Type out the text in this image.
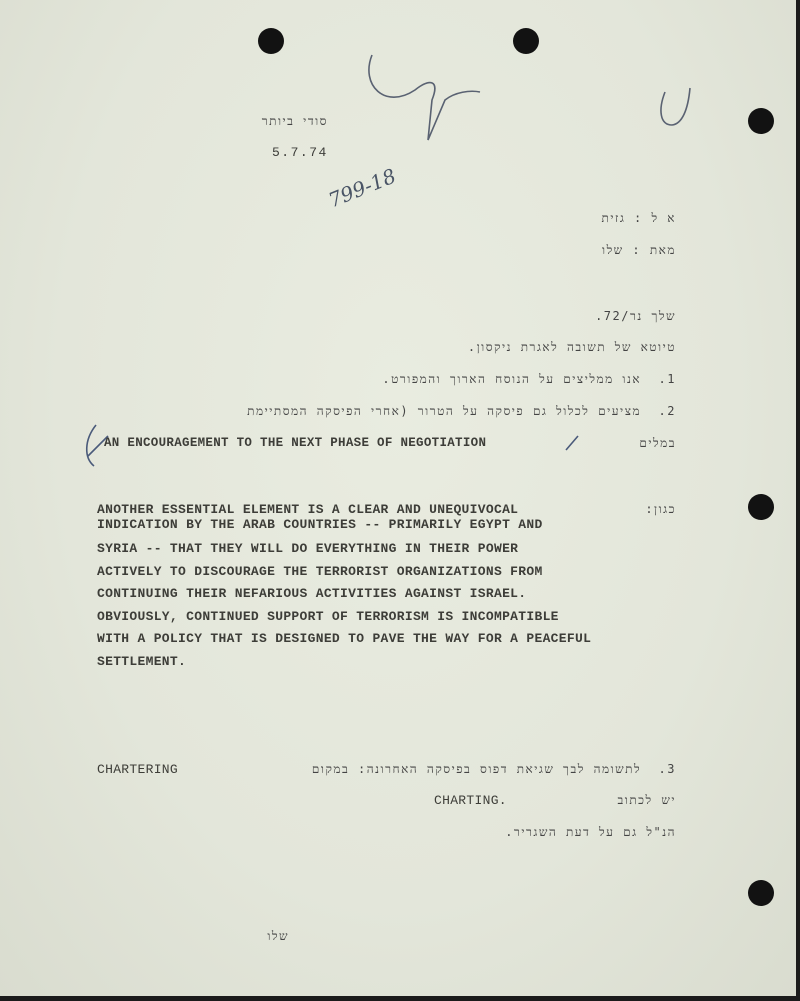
799-18
סודי ביותר
5.7.74
א ל : גזית
מאת : שלו
שלך נר/72.
טיוטא של תשובה לאגרת ניקסון.
1.  אנו ממליצים על הנוסח הארוך והמפורט.
2.  מציעים לכלול גם פיסקה על הטרור (אחרי הפיסקה המסתיימת
במלים
AN ENCOURAGEMENT TO THE NEXT PHASE OF NEGOTIATION
כגון:
ANOTHER ESSENTIAL ELEMENT IS A CLEAR AND UNEQUIVOCAL
INDICATION BY THE ARAB COUNTRIES -- PRIMARILY EGYPT AND
SYRIA -- THAT THEY WILL DO EVERYTHING IN THEIR POWER
ACTIVELY TO DISCOURAGE THE TERRORIST ORGANIZATIONS FROM
CONTINUING THEIR NEFARIOUS ACTIVITIES AGAINST ISRAEL.
OBVIOUSLY, CONTINUED SUPPORT OF TERRORISM IS INCOMPATIBLE
WITH A POLICY THAT IS DESIGNED TO PAVE THE WAY FOR A PEACEFUL
SETTLEMENT.
3.  לתשומה לבך שגיאת דפוס בפיסקה האחרונה: במקום
CHARTERING
יש לכתוב
CHARTING.
הנ"ל גם על דעת השגריר.
שלו
